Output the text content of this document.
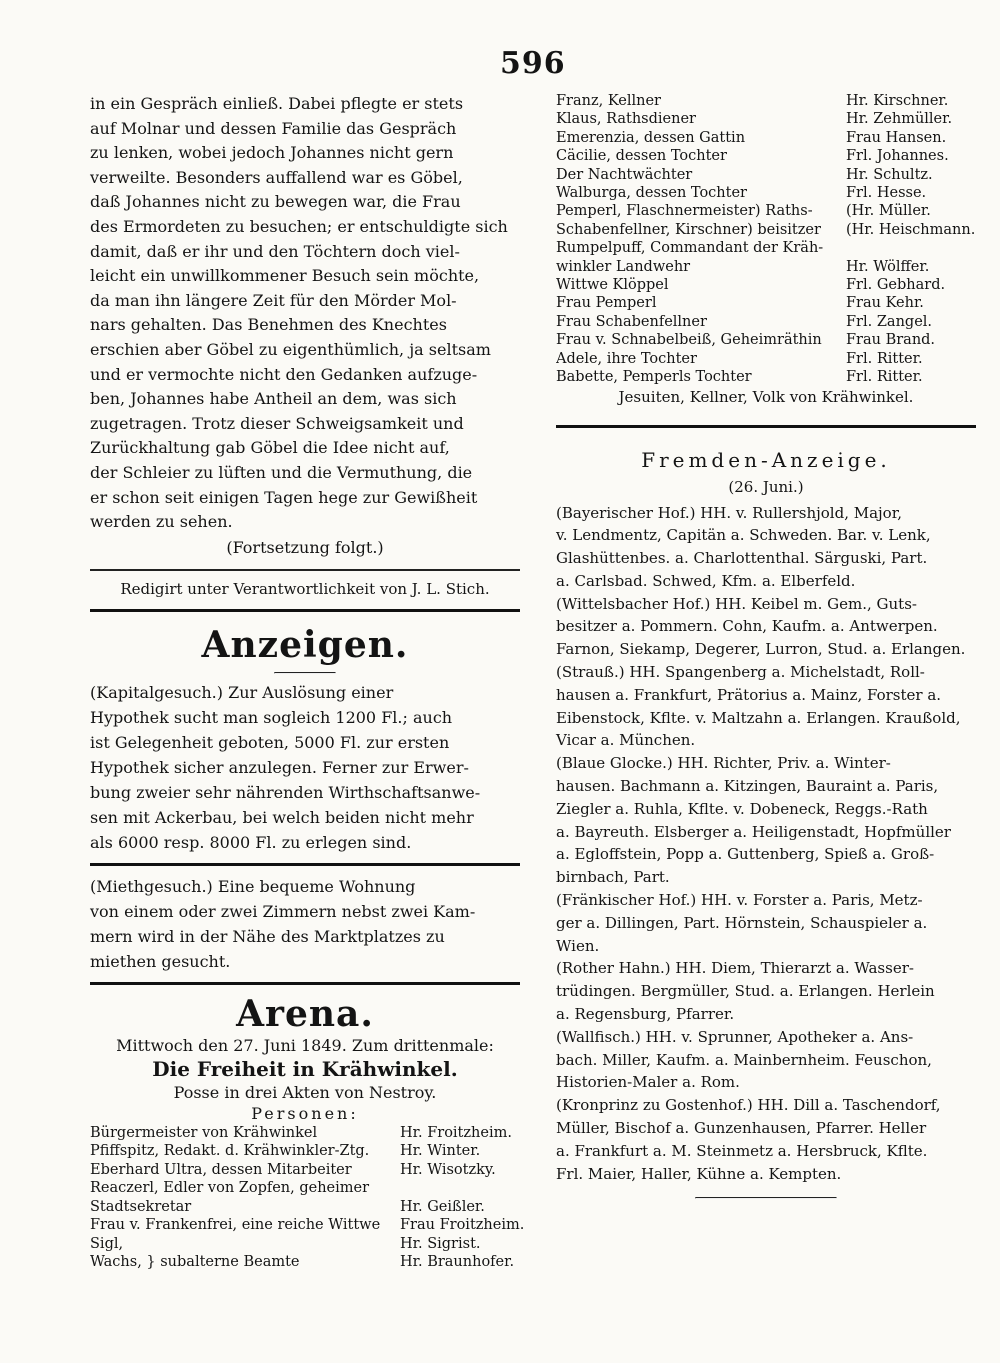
596
in ein Gespräch einließ. Dabei pflegte er stets
auf Molnar und dessen Familie das Gespräch
zu lenken, wobei jedoch Johannes nicht gern
verweilte. Besonders auffallend war es Göbel,
daß Johannes nicht zu bewegen war, die Frau
des Ermordeten zu besuchen; er entschuldigte sich
damit, daß er ihr und den Töchtern doch viel-
leicht ein unwillkommener Besuch sein möchte,
da man ihn längere Zeit für den Mörder Mol-
nars gehalten. Das Benehmen des Knechtes
erschien aber Göbel zu eigenthümlich, ja seltsam
und er vermochte nicht den Gedanken aufzuge-
ben, Johannes habe Antheil an dem, was sich
zugetragen. Trotz dieser Schweigsamkeit und
Zurückhaltung gab Göbel die Idee nicht auf,
der Schleier zu lüften und die Vermuthung, die
er schon seit einigen Tagen hege zur Gewißheit
werden zu sehen.
(Fortsetzung folgt.)
Redigirt unter Verantwortlichkeit von J. L. Stich.
Anzeigen.
(Kapitalgesuch.) Zur Auslösung einer
Hypothek sucht man sogleich 1200 Fl.; auch
ist Gelegenheit geboten, 5000 Fl. zur ersten
Hypothek sicher anzulegen. Ferner zur Erwer-
bung zweier sehr nährenden Wirthschaftsanwe-
sen mit Ackerbau, bei welch beiden nicht mehr
als 6000 resp. 8000 Fl. zu erlegen sind.
(Miethgesuch.) Eine bequeme Wohnung
von einem oder zwei Zimmern nebst zwei Kam-
mern wird in der Nähe des Marktplatzes zu
miethen gesucht.
Arena.
Mittwoch den 27. Juni 1849. Zum drittenmale:
Die Freiheit in Krähwinkel.
Posse in drei Akten von Nestroy.
Personen:
Bürgermeister von Krähwinkel	Hr. Froitzheim.
Pfiffspitz, Redakt. d. Krähwinkler-Ztg.	Hr. Winter.
Eberhard Ultra, dessen Mitarbeiter	Hr. Wisotzky.
Reaczerl, Edler von Zopfen, geheimer
Stadtsekretar	Hr. Geißler.
Frau v. Frankenfrei, eine reiche Wittwe	Frau Froitzheim.
Sigl,	Hr. Sigrist.
Wachs, } subalterne Beamte	Hr. Braunhofer.
Franz, Kellner	Hr. Kirschner.
Klaus, Rathsdiener	Hr. Zehmüller.
Emerenzia, dessen Gattin	Frau Hansen.
Cäcilie, dessen Tochter	Frl. Johannes.
Der Nachtwächter	Hr. Schultz.
Walburga, dessen Tochter	Frl. Hesse.
Pemperl, Flaschnermeister) Raths-	(Hr. Müller.
Schabenfellner, Kirschner) beisitzer	(Hr. Heischmann.
Rumpelpuff, Commandant der Kräh-
winkler Landwehr	Hr. Wölffer.
Wittwe Klöppel	Frl. Gebhard.
Frau Pemperl	Frau Kehr.
Frau Schabenfellner	Frl. Zangel.
Frau v. Schnabelbeiß, Geheimräthin	Frau Brand.
Adele, ihre Tochter	Frl. Ritter.
Babette, Pemperls Tochter	Frl. Ritter.
Jesuiten, Kellner, Volk von Krähwinkel.
Fremden-Anzeige.
(26. Juni.)
(Bayerischer Hof.) HH. v. Rullershjold, Major,
v. Lendmentz, Capitän a. Schweden. Bar. v. Lenk,
Glashüttenbes. a. Charlottenthal. Särguski, Part.
a. Carlsbad. Schwed, Kfm. a. Elberfeld.
(Wittelsbacher Hof.) HH. Keibel m. Gem., Guts-
besitzer a. Pommern. Cohn, Kaufm. a. Antwerpen.
Farnon, Siekamp, Degerer, Lurron, Stud. a. Erlangen.
(Strauß.) HH. Spangenberg a. Michelstadt, Roll-
hausen a. Frankfurt, Prätorius a. Mainz, Forster a.
Eibenstock, Kflte. v. Maltzahn a. Erlangen. Kraußold,
Vicar a. München.
(Blaue Glocke.) HH. Richter, Priv. a. Winter-
hausen. Bachmann a. Kitzingen, Bauraint a. Paris,
Ziegler a. Ruhla, Kflte. v. Dobeneck, Reggs.-Rath
a. Bayreuth. Elsberger a. Heiligenstadt, Hopfmüller
a. Egloffstein, Popp a. Guttenberg, Spieß a. Groß-
birnbach, Part.
(Fränkischer Hof.) HH. v. Forster a. Paris, Metz-
ger a. Dillingen, Part. Hörnstein, Schauspieler a.
Wien.
(Rother Hahn.) HH. Diem, Thierarzt a. Wasser-
trüdingen. Bergmüller, Stud. a. Erlangen. Herlein
a. Regensburg, Pfarrer.
(Wallfisch.) HH. v. Sprunner, Apotheker a. Ans-
bach. Miller, Kaufm. a. Mainbernheim. Feuschon,
Historien-Maler a. Rom.
(Kronprinz zu Gostenhof.) HH. Dill a. Taschendorf,
Müller, Bischof a. Gunzenhausen, Pfarrer. Heller
a. Frankfurt a. M. Steinmetz a. Hersbruck, Kflte.
Frl. Maier, Haller, Kühne a. Kempten.
